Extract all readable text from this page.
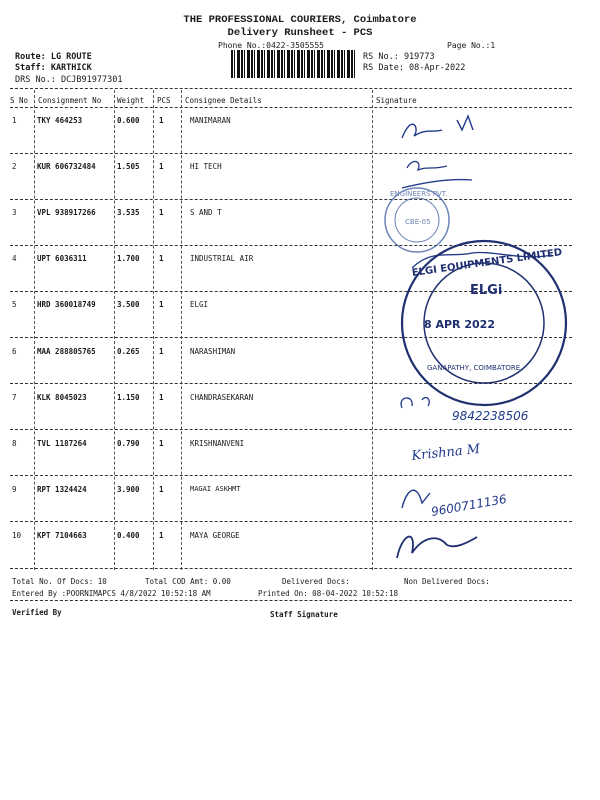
THE PROFESSIONAL COURIERS, Coimbatore
Delivery Runsheet - PCS
Phone No.:0422-3505555	Page No.:1
Route: LG ROUTE
Staff: KARTHICK
DRS No.: DCJB91977301
RS No.: 919773
RS Date: 08-Apr-2022
S No Consignment No Weight PCS Consignee Details	Signature
1	TKY 464253	0.600	1	MANIMARAN
2	KUR 606732484	1.505	1	HI TECH
3	VPL 938917266	3.535	1	S AND T
4	UPT 6036311	1.700	1	INDUSTRIAL AIR
5	HRD 360018749	3.500	1	ELGI
6	MAA 288805765	0.265	1	NARASHIMAN
7	KLK 8045023	1.150	1	CHANDRASEKARAN
8	TVL 1187264	0.790	1	KRISHNANVENI
9	RPT 1324424	3.900	1	MAGAI ASKHMT
10 KPT 7104663	0.400	1	MAYA GEORGE
ENGINEERS PVT.
CBE-05
ELGI EQUIPMENTS LIMITED
ELGi
8 APR 2022
GANAPATHY, COIMBATORE
9842238506
Krishna M
9600711136
Total No. Of Docs: 10	Total COD Amt: 0.00	Delivered Docs:	Non Delivered Docs:
Entered By :POORNIMAPCS 4/8/2022 10:52:18 AM	Printed On: 08-04-2022 10:52:18
Verified By	Staff Signature
